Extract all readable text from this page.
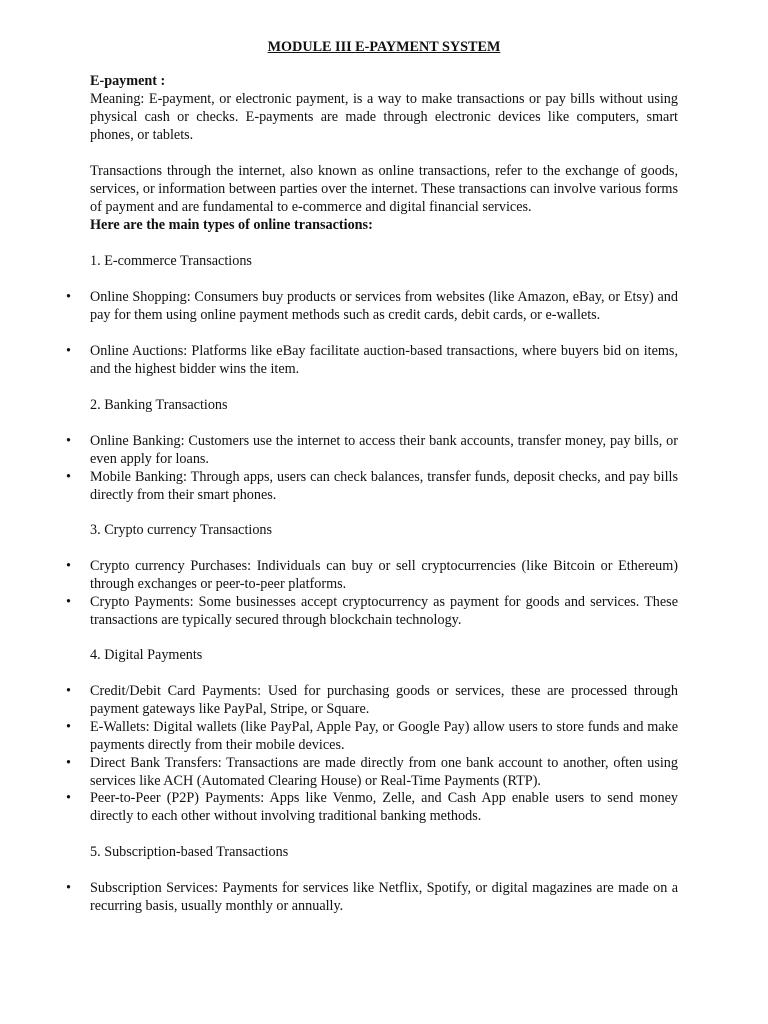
MODULE III E-PAYMENT SYSTEM
E-payment :
Meaning: E-payment, or electronic payment, is a way to make transactions or pay bills without using physical cash or checks. E-payments are made through electronic devices like computers, smart phones, or tablets.
Transactions through the internet, also known as online transactions, refer to the exchange of goods, services, or information between parties over the internet. These transactions can involve various forms of payment and are fundamental to e-commerce and digital financial services.
Here are the main types of online transactions:
1. E-commerce Transactions
• Online Shopping: Consumers buy products or services from websites (like Amazon, eBay, or Etsy) and pay for them using online payment methods such as credit cards, debit cards, or e-wallets.
• Online Auctions: Platforms like eBay facilitate auction-based transactions, where buyers bid on items, and the highest bidder wins the item.
2. Banking Transactions
• Online Banking: Customers use the internet to access their bank accounts, transfer money, pay bills, or even apply for loans.
• Mobile Banking: Through apps, users can check balances, transfer funds, deposit checks, and pay bills directly from their smart phones.
3. Crypto currency Transactions
• Crypto currency Purchases: Individuals can buy or sell cryptocurrencies (like Bitcoin or Ethereum) through exchanges or peer-to-peer platforms.
• Crypto Payments: Some businesses accept cryptocurrency as payment for goods and services. These transactions are typically secured through blockchain technology.
4. Digital Payments
• Credit/Debit Card Payments: Used for purchasing goods or services, these are processed through payment gateways like PayPal, Stripe, or Square.
• E-Wallets: Digital wallets (like PayPal, Apple Pay, or Google Pay) allow users to store funds and make payments directly from their mobile devices.
• Direct Bank Transfers: Transactions are made directly from one bank account to another, often using services like ACH (Automated Clearing House) or Real-Time Payments (RTP).
• Peer-to-Peer (P2P) Payments: Apps like Venmo, Zelle, and Cash App enable users to send money directly to each other without involving traditional banking methods.
5. Subscription-based Transactions
• Subscription Services: Payments for services like Netflix, Spotify, or digital magazines are made on a recurring basis, usually monthly or annually.
